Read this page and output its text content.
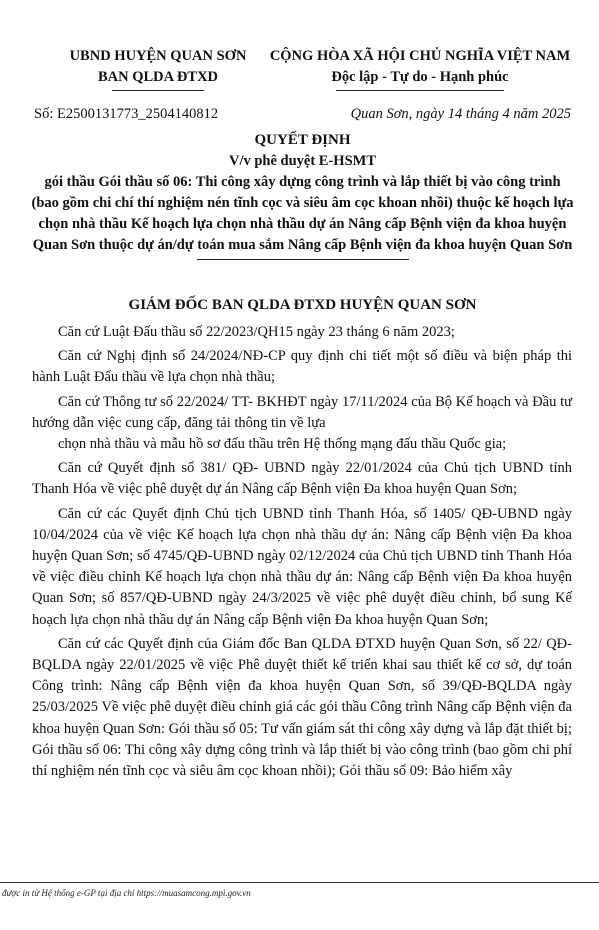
UBND HUYỆN QUAN SƠN
BAN QLDA ĐTXD
CỘNG HÒA XÃ HỘI CHỦ NGHĨA VIỆT NAM
Độc lập - Tự do - Hạnh phúc
Số: E2500131773_2504140812	Quan Sơn, ngày 14 tháng 4 năm 2025
QUYẾT ĐỊNH
V/v phê duyệt E-HSMT
gói thầu Gói thầu số 06: Thi công xây dựng công trình và lắp thiết bị vào công trình (bao gồm chi chí thí nghiệm nén tĩnh cọc và siêu âm cọc khoan nhồi) thuộc kế hoạch lựa chọn nhà thầu Kế hoạch lựa chọn nhà thầu dự án Nâng cấp Bệnh viện đa khoa huyện Quan Sơn thuộc dự án/dự toán mua sắm Nâng cấp Bệnh viện đa khoa huyện Quan Sơn
GIÁM ĐỐC BAN QLDA ĐTXD HUYỆN QUAN SƠN

Căn cứ Luật Đấu thầu số 22/2023/QH15 ngày 23 tháng 6 năm 2023;

Căn cứ Nghị định số 24/2024/NĐ-CP quy định chi tiết một số điều và biện pháp thi hành Luật Đấu thầu về lựa chọn nhà thầu;

Căn cứ Thông tư số 22/2024/ TT- BKHĐT ngày 17/11/2024 của Bộ Kế hoạch và Đầu tư hướng dẫn việc cung cấp, đăng tải thông tin về lựa

chọn nhà thầu và mẫu hồ sơ đấu thầu trên Hệ thống mạng đấu thầu Quốc gia;

Căn cứ Quyết định số 381/ QĐ- UBND ngày 22/01/2024 của Chủ tịch UBND tỉnh Thanh Hóa về việc phê duyệt dự án Nâng cấp Bệnh viện Đa khoa huyện Quan Sơn;

Căn cứ các Quyết định Chủ tịch UBND tỉnh Thanh Hóa, số 1405/ QĐ-UBND ngày 10/04/2024 của về việc Kế hoạch lựa chọn nhà thầu dự án: Nâng cấp Bệnh viện Đa khoa huyện Quan Sơn; số 4745/QĐ-UBND ngày 02/12/2024 của Chủ tịch UBND tỉnh Thanh Hóa về việc điều chỉnh Kế hoạch lựa chọn nhà thầu dự án: Nâng cấp Bệnh viện Đa khoa huyện Quan Sơn; số 857/QĐ-UBND ngày 24/3/2025 về việc phê duyệt điều chỉnh, bổ sung Kế hoạch lựa chọn nhà thầu dự án Nâng cấp Bệnh viện Đa khoa huyện Quan Sơn;

Căn cứ các Quyết định của Giám đốc Ban QLDA ĐTXD huyện Quan Sơn, số 22/ QĐ-BQLDA ngày 22/01/2025 về việc Phê duyệt thiết kế triển khai sau thiết kế cơ sở, dự toán Công trình: Nâng cấp Bệnh viện đa khoa huyện Quan Sơn, số 39/QĐ-BQLDA ngày 25/03/2025 Về việc phê duyệt điều chỉnh giá các gói thầu Công trình Nâng cấp Bệnh viện đa khoa huyện Quan Sơn: Gói thầu số 05: Tư vấn giám sát thi công xây dựng và lắp đặt thiết bị; Gói thầu số 06: Thi công xây dựng công trình và lắp thiết bị vào công trình (bao gồm chi phí thí nghiệm nén tĩnh cọc và siêu âm cọc khoan nhồi); Gói thầu số 09: Bảo hiểm xây

được in từ Hệ thống e-GP tại địa chỉ https://muasamcong.mpi.gov.vn
